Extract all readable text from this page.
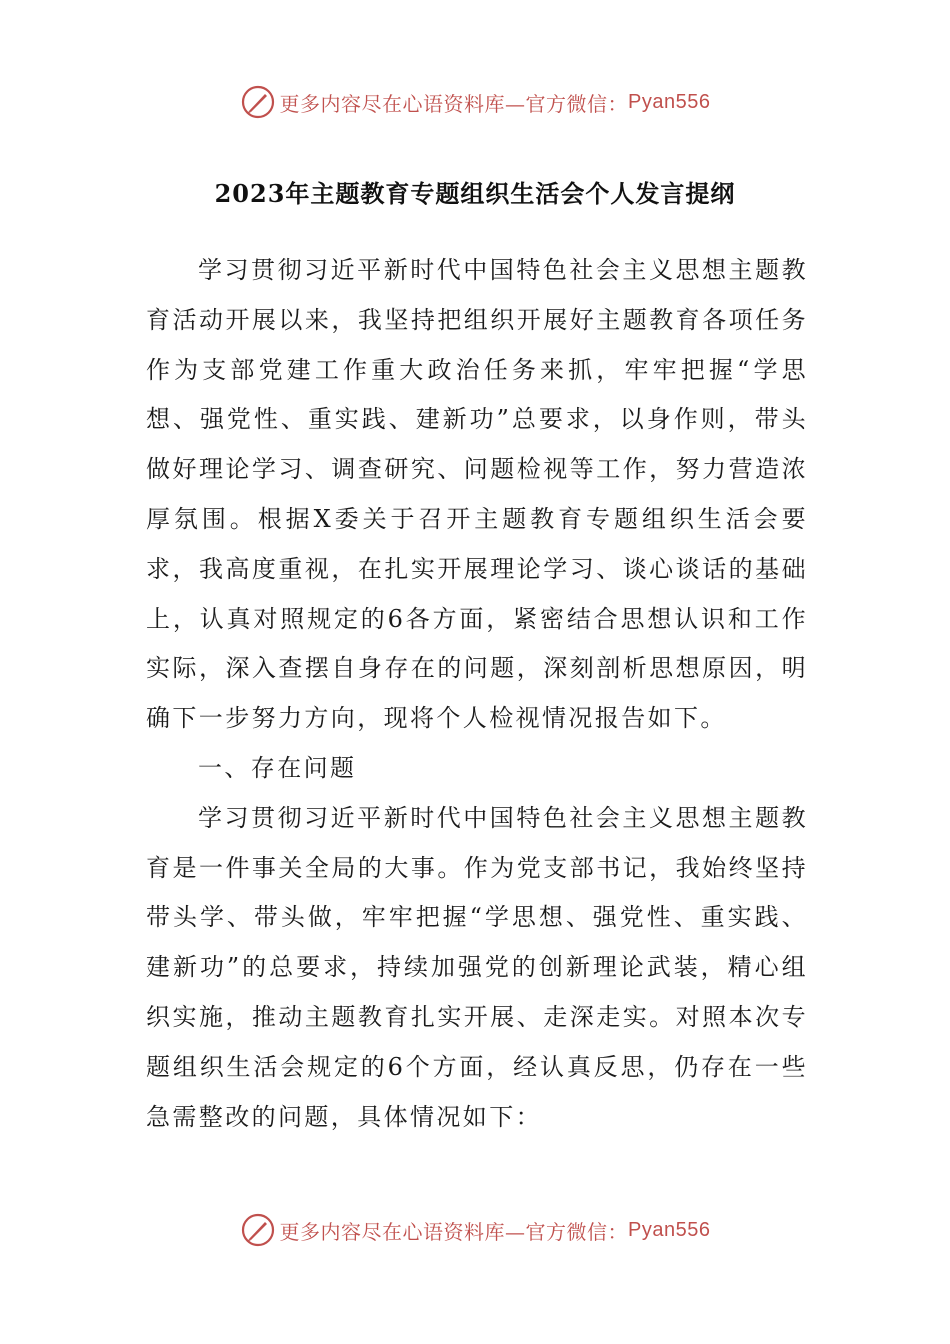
更多内容尽在心语资料库—官方微信： Pyan556
2023年主题教育专题组织生活会个人发言提纲

学习贯彻习近平新时代中国特色社会主义思想主题教育活动开展以来，我坚持把组织开展好主题教育各项任务作为支部党建工作重大政治任务来抓，牢牢把握“学思想、强党性、重实践、建新功”总要求，以身作则，带头做好理论学习、调查研究、问题检视等工作，努力营造浓厚氛围。根据X委关于召开主题教育专题组织生活会要求，我高度重视，在扎实开展理论学习、谈心谈话的基础上，认真对照规定的6各方面，紧密结合思想认识和工作实际，深入查摆自身存在的问题，深刻剖析思想原因，明确下一步努力方向，现将个人检视情况报告如下。

一、存在问题

学习贯彻习近平新时代中国特色社会主义思想主题教育是一件事关全局的大事。作为党支部书记，我始终坚持带头学、带头做，牢牢把握“学思想、强党性、重实践、建新功”的总要求，持续加强党的创新理论武装，精心组织实施，推动主题教育扎实开展、走深走实。对照本次专题组织生活会规定的6个方面，经认真反思，仍存在一些急需整改的问题，具体情况如下：

更多内容尽在心语资料库—官方微信： Pyan556
